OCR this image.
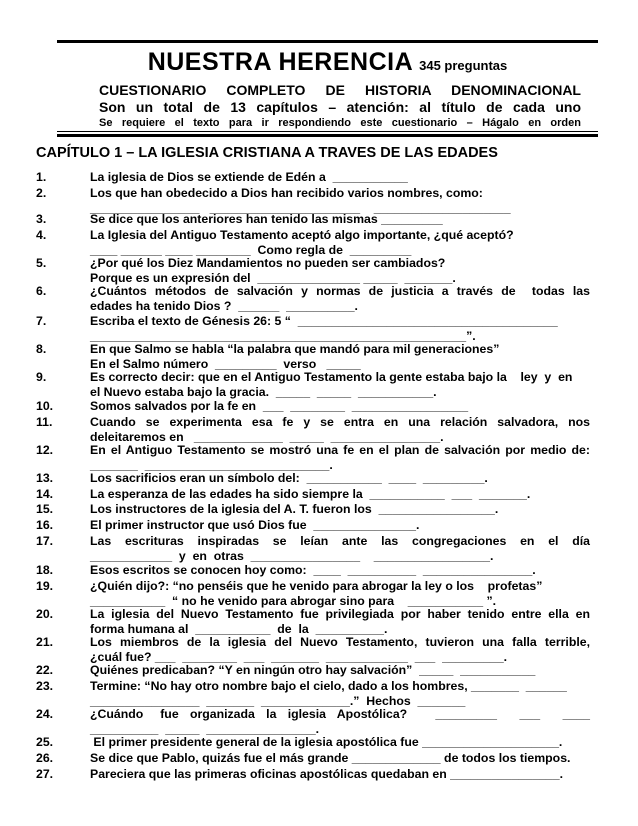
NUESTRA HERENCIA 345 preguntas
CUESTIONARIO COMPLETO DE HISTORIA DENOMINACIONAL
Son un total de 13 capítulos – atención: al título de cada uno
Se requiere el texto para ir respondiendo este cuestionario – Hágalo en orden
CAPÍTULO 1 – LA IGLESIA CRISTIANA A TRAVES DE LAS EDADES
1.	La iglesia de Dios se extiende de Edén a  ___________
2.	Los que han obedecido a Dios han recibido varios nombres, como:
________________   ______________________    ____________________
3.	Se dice que los anteriores han tenido las mismas _________
4.	La Iglesia del Antiguo Testamento aceptó algo importante, ¿qué aceptó?
____ ______ ____ ________  Como regla de  _________
5.	¿Por qué los Diez Mandamientos no pueden ser cambiados?
Porque es un expresión del  _______________ _____  _______.
6.	¿Cuántos métodos de salvación y normas de justicia a través de  todas las
edades ha tenido Dios ?  ______  __________.
7.	Escriba el texto de Génesis 26: 5 “  ______________________________________
_______________________________________________________”.
8.	En que Salmo se habla “la palabra que mandó para mil generaciones”
En el Salmo número  _________  verso   _____
9.	Es correcto decir: que en el Antiguo Testamento la gente estaba bajo la    ley  y  en
el Nuevo estaba bajo la gracia.  _____  _____  ___________.
10.	Somos salvados por la fe en  ___  ________  _________________
11.	Cuando se experimenta esa fe y se entra en una relación salvadora, nos
deleitaremos en   _____________  _____  ________________.
12.	En el Antiguo Testamento se mostró una fe en el plan de salvación por medio de:
_______  ___________________________.
13.	Los sacrificios eran un símbolo del:  ___________  ____  _________.
14.	La esperanza de las edades ha sido siempre la  ___________  ___  _______.
15.	Los instructores de la iglesia del A. T. fueron los  _________________.
16.	El primer instructor que usó Dios fue  _______________.
17.	Las escrituras inspiradas se leían ante las congregaciones en el día
____________  y  en  otras  ________________    _________________.
18.	Esos escritos se conocen hoy como:  ____  __________  ________________.
19.	¿Quién dijo?: “no penséis que he venido para abrogar la ley o los    profetas”
___________  “ no he venido para abrogar sino para    ___________ ”.
20.	La iglesia del Nuevo Testamento fue privilegiada por haber tenido entre ella en
forma humana al  ___________  de  la  __________.
21.	Los miembros de la iglesia del Nuevo Testamento, tuvieron una falla terrible,
¿cuál fue? ___  ________  ___  _______  ____________  ___  _________.
22.	Quiénes predicaban? “Y en ningún otro hay salvación”  _____  ___________
23.	Termine: “No hay otro nombre bajo el cielo, dado a los hombres, _______  ______
________________  _______  _____________.”  Hechos  _______
24.	¿Cuándo   fue  organizada  la  iglesia  Apostólica?     _________    ___    ____
__________  _____  ________________.
25.	El primer presidente general de la iglesia apostólica fue ____________________.
26.	Se dice que Pablo, quizás fue el más grande _____________ de todos los tiempos.
27.	Pareciera que las primeras oficinas apostólicas quedaban en ________________.
